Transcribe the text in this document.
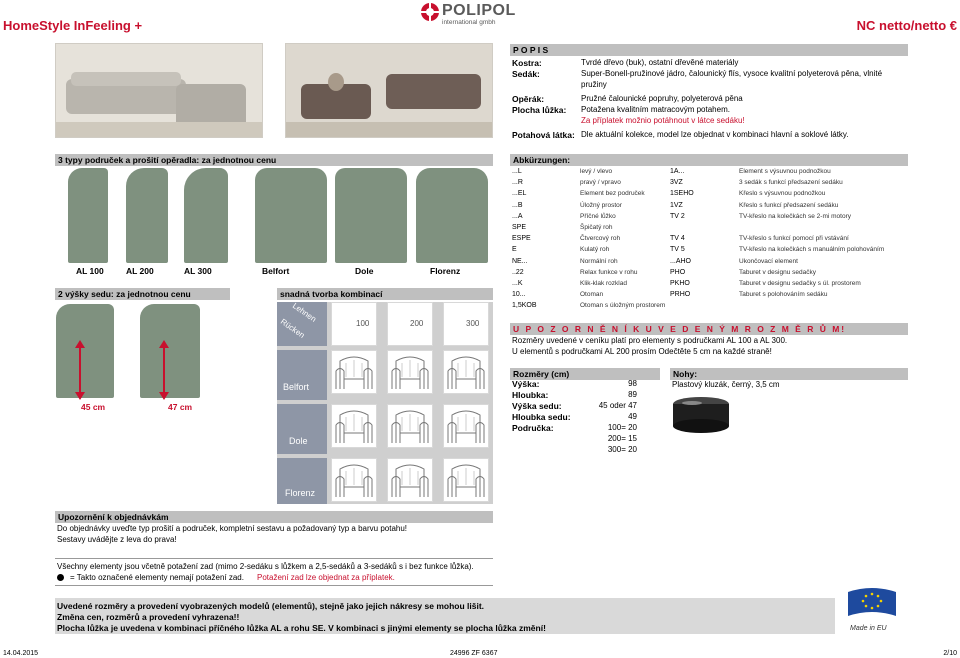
HomeStyle InFeeling +	NC netto/netto €
POLIPOL
international gmbh
P O P I S
Kostra:	Tvrdé dřevo (buk), ostatní dřevěné materiály
Sedák:	Super-Bonell-pružinové jádro, čalounický flís, vysoce kvalitní polyeterová pěna, vlnité
pružiny
Opěrák:	Pružné čalounické popruhy, polyeterová pěna
Plocha lůžka: Potažena kvalitním matracovým potahem.
Za příplatek možnio potáhnout v látce sedáku!
Potahová látka: Dle aktuální kolekce, model lze objednat v kombinaci hlavní a soklové látky.
3 typy područek a prošití opěradla: za jednotnou cenu
AL 100	AL 200	AL 300	Belfort	Dole	Florenz
2 výšky sedu: za jednotnou cenu
45 cm	47 cm
snadná tvorba kombinací
Lehnen
Rücken	100	200	300
Belfort
Dole
Florenz
Abkürzungen:
...L	levý / vlevo	1A...	Element s výsuvnou podnožkou
...R	pravý / vpravo	3VZ	3 sedák s funkcí předsazení sedáku
...EL	Element bez područek	1SEHO	Křeslo s výsuvnou podnožkou
...B	Úložný prostor	1VZ	Křeslo s funkcí předsazení sedáku
...A	Příčné lůžko	TV 2	TV-křeslo na kolečkách se 2-mi motory
SPE	Špičatý roh
ESPE	Čtvercový roh	TV 4	TV-křeslo s funkcí pomocí při vstávání
E	Kulatý roh	TV 5	TV-křeslo na kolečkách s manuálním polohováním
NE...	Normální roh	...AHO	Ukončovací element
..22	Relax funkce v rohu	PHO	Taburet v designu sedačky
...K	Klik-klak rozklad	PKHO	Taburet v designu sedačky s úl. prostorem
10...	Otoman	PRHO	Taburet s polohováním sedáku
1,5KOB	Otoman s úložným prostorem
U P O Z O R N Ě N Í K U V E D E N Ý M R O Z M Ě R Ů M!
Rozměry uvedené v ceníku platí pro elementy s područkami AL 100 a AL 300.
U elementů s područkami AL 200 prosím Odečtěte 5 cm na každé straně!
Rozměry (cm)
Výška:	98
Hloubka:	89
Výška sedu:	45 oder 47
Hloubka sedu:	49
Područka:	100= 20
200= 15
300= 20
Nohy:
Plastový kluzák, černý, 3,5 cm
Upozornění k objednávkám
Do objednávky uveďte typ prošití a područek, kompletní sestavu a požadovaný typ a barvu potahu!
Sestavy uvádějte z leva do prava!
Všechny elementy jsou včetně potažení zad (mimo 2-sedáku s lůžkem a 2,5-sedáků a 3-sedáků s i bez funkce lůžka).
= Takto označené elementy nemají potažení zad. Potažení zad lze objednat za příplatek.
Uvedené rozměry a provedení vyobrazených modelů (elementů), stejně jako jejich nákresy se mohou lišit.
Změna cen, rozměrů a provedení vyhrazena!!
Plocha lůžka je uvedena v kombinaci příčného lůžka AL a rohu SE. V kombinaci s jinými elementy se plocha lůžka změní!	Made in EU
14.04.2015	24996 ZF 6367	2/10
